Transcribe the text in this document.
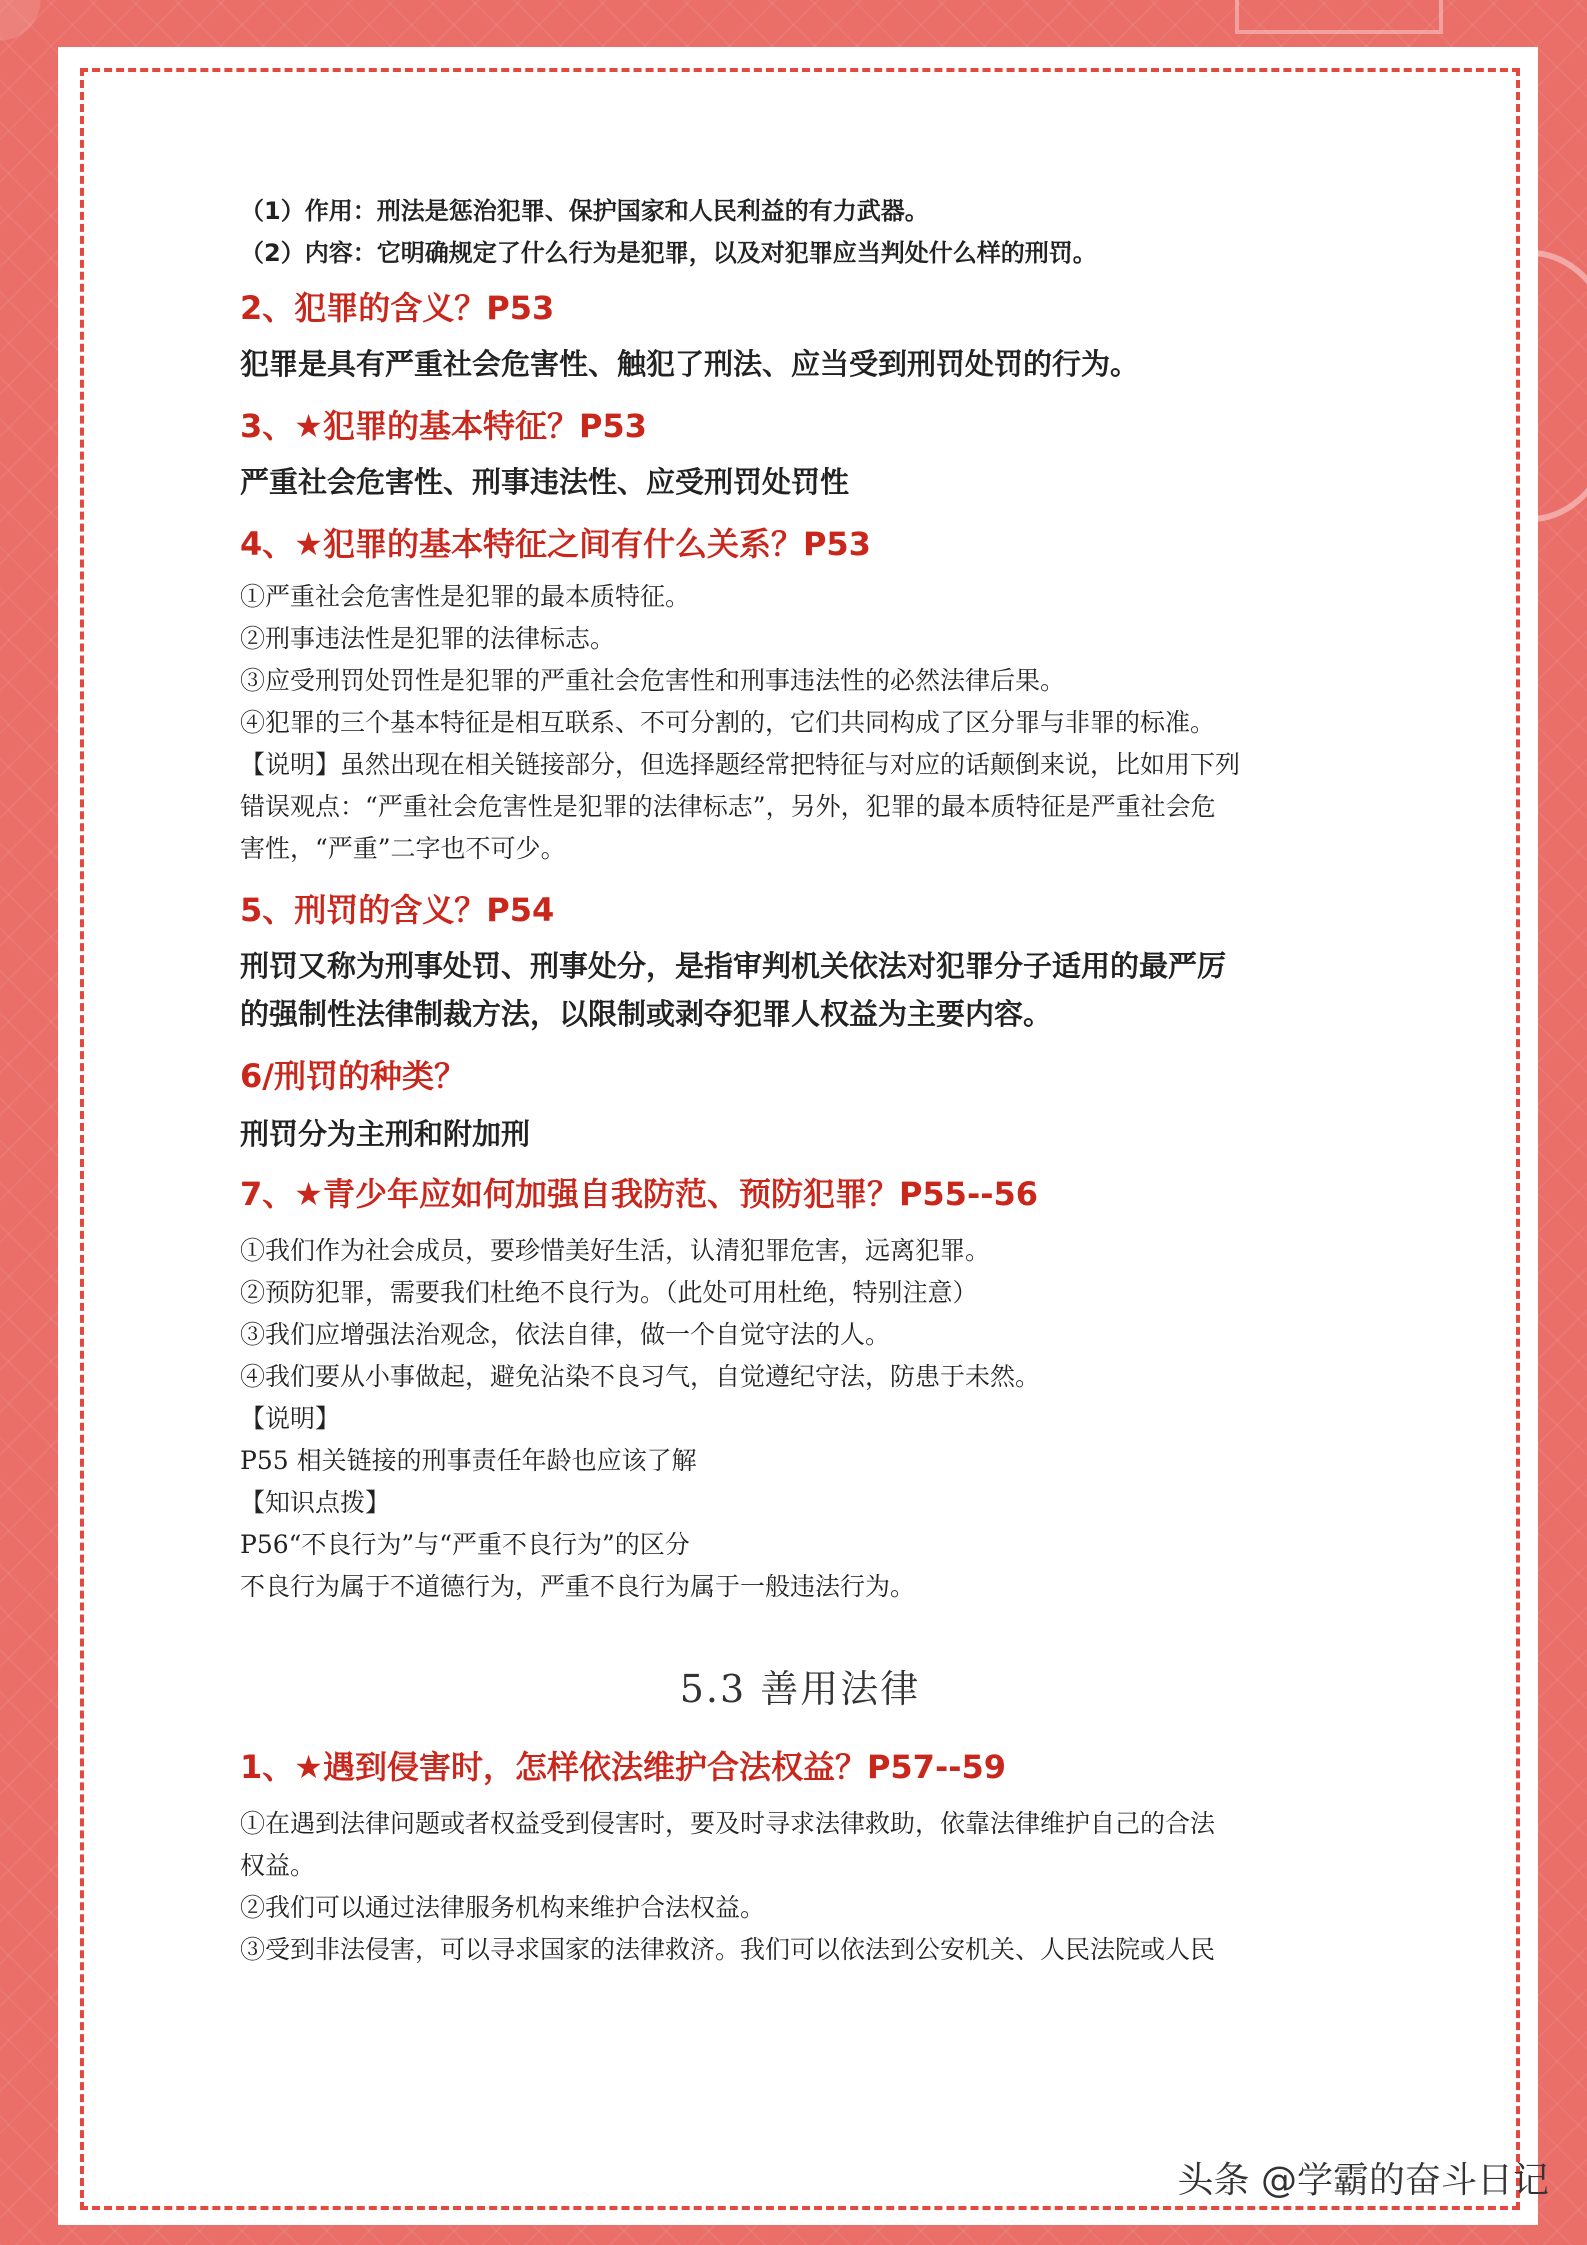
（1）作用：刑法是惩治犯罪、保护国家和人民利益的有力武器。

（2）内容：它明确规定了什么行为是犯罪，以及对犯罪应当判处什么样的刑罚。

2、犯罪的含义？P53

犯罪是具有严重社会危害性、触犯了刑法、应当受到刑罚处罚的行为。

3、★犯罪的基本特征？P53

严重社会危害性、刑事违法性、应受刑罚处罚性

4、★犯罪的基本特征之间有什么关系？P53

①严重社会危害性是犯罪的最本质特征。

②刑事违法性是犯罪的法律标志。

③应受刑罚处罚性是犯罪的严重社会危害性和刑事违法性的必然法律后果。

④犯罪的三个基本特征是相互联系、不可分割的，它们共同构成了区分罪与非罪的标准。

【说明】虽然出现在相关链接部分，但选择题经常把特征与对应的话颠倒来说，比如用下列

错误观点：“严重社会危害性是犯罪的法律标志”，另外，犯罪的最本质特征是严重社会危

害性，“严重”二字也不可少。

5、刑罚的含义？P54

刑罚又称为刑事处罚、刑事处分，是指审判机关依法对犯罪分子适用的最严厉

的强制性法律制裁方法，以限制或剥夺犯罪人权益为主要内容。

6/刑罚的种类？

刑罚分为主刑和附加刑

7、★青少年应如何加强自我防范、预防犯罪？P55--56

①我们作为社会成员，要珍惜美好生活，认清犯罪危害，远离犯罪。

②预防犯罪，需要我们杜绝不良行为。（此处可用杜绝，特别注意）

③我们应增强法治观念，依法自律，做一个自觉守法的人。

④我们要从小事做起，避免沾染不良习气，自觉遵纪守法，防患于未然。

【说明】

P55 相关链接的刑事责任年龄也应该了解

【知识点拨】

P56“不良行为”与“严重不良行为”的区分

不良行为属于不道德行为，严重不良行为属于一般违法行为。

5.3 善用法律

1、★遇到侵害时，怎样依法维护合法权益？P57--59

①在遇到法律问题或者权益受到侵害时，要及时寻求法律救助，依靠法律维护自己的合法

权益。

②我们可以通过法律服务机构来维护合法权益。

③受到非法侵害，可以寻求国家的法律救济。我们可以依法到公安机关、人民法院或人民

头条 @学霸的奋斗日记
